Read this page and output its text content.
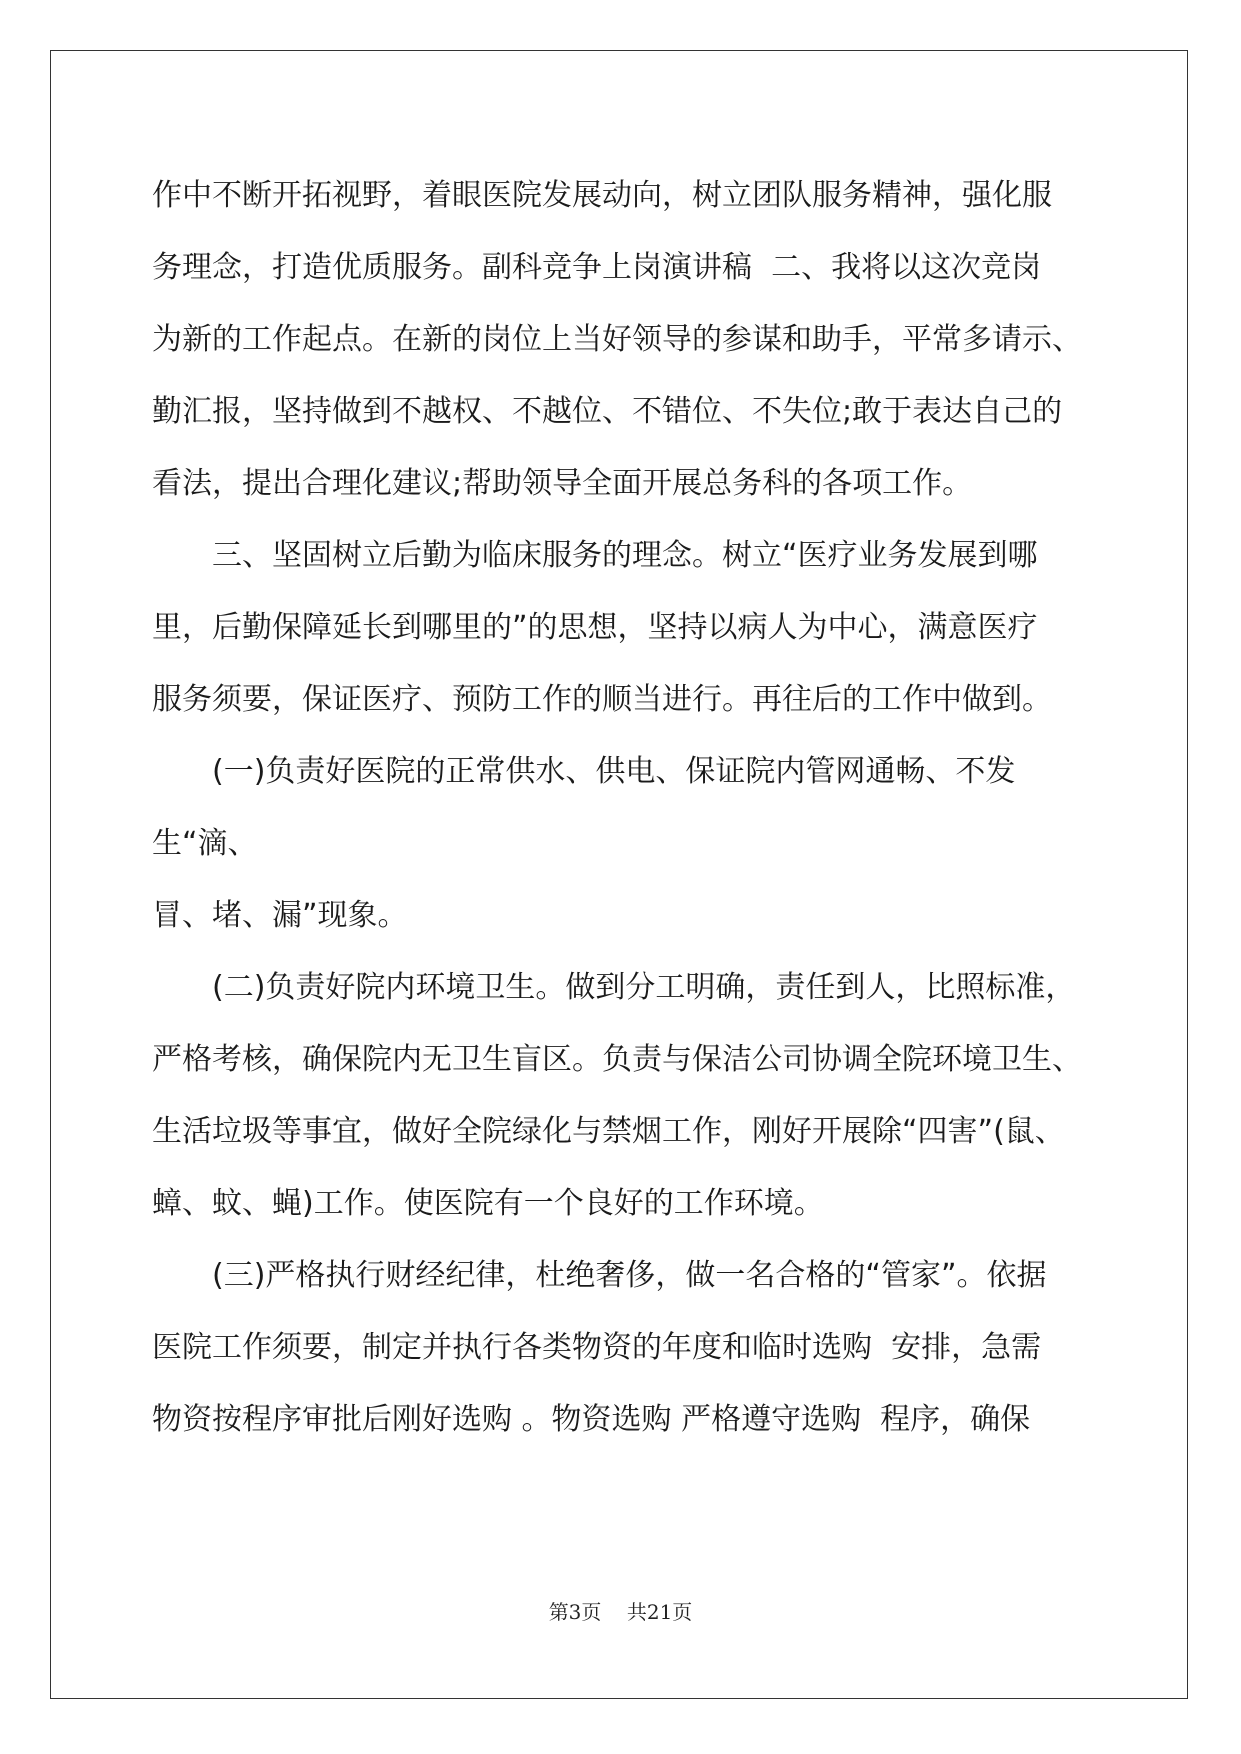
作中不断开拓视野，着眼医院发展动向，树立团队服务精神，强化服
务理念，打造优质服务。副科竞争上岗演讲稿  二、我将以这次竞岗
为新的工作起点。在新的岗位上当好领导的参谋和助手，平常多请示、
勤汇报，坚持做到不越权、不越位、不错位、不失位;敢于表达自己的
看法，提出合理化建议;帮助领导全面开展总务科的各项工作。

三、坚固树立后勤为临床服务的理念。树立“医疗业务发展到哪
里，后勤保障延长到哪里的”的思想，坚持以病人为中心，满意医疗
服务须要，保证医疗、预防工作的顺当进行。再往后的工作中做到。

(一)负责好医院的正常供水、供电、保证院内管网通畅、不发生“滴、
冒、堵、漏”现象。

(二)负责好院内环境卫生。做到分工明确，责任到人，比照标准，
严格考核，确保院内无卫生盲区。负责与保洁公司协调全院环境卫生、
生活垃圾等事宜，做好全院绿化与禁烟工作，刚好开展除“四害”(鼠、
蟑、蚊、蝇)工作。使医院有一个良好的工作环境。

(三)严格执行财经纪律，杜绝奢侈，做一名合格的“管家”。依据
医院工作须要，制定并执行各类物资的年度和临时选购  安排，急需
物资按程序审批后刚好选购 。物资选购 严格遵守选购  程序，确保

第3页 共21页
